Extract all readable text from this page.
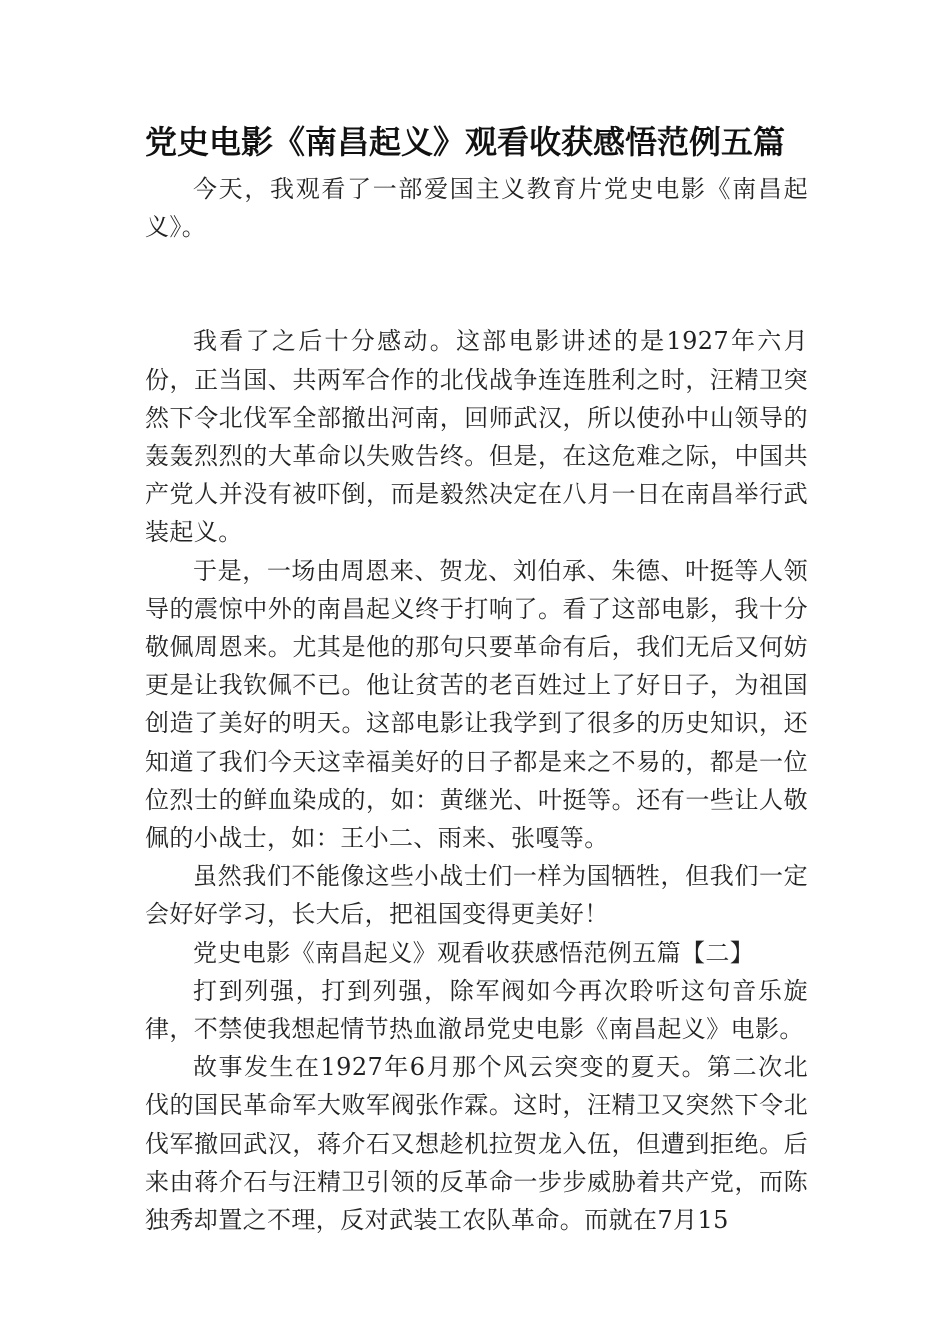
党史电影《南昌起义》观看收获感悟范例五篇

今天，我观看了一部爱国主义教育片党史电影《南昌起义》。

我看了之后十分感动。这部电影讲述的是1927年六月份，正当国、共两军合作的北伐战争连连胜利之时，汪精卫突然下令北伐军全部撤出河南，回师武汉，所以使孙中山领导的轰轰烈烈的大革命以失败告终。但是，在这危难之际，中国共产党人并没有被吓倒，而是毅然决定在八月一日在南昌举行武装起义。

于是，一场由周恩来、贺龙、刘伯承、朱德、叶挺等人领导的震惊中外的南昌起义终于打响了。看了这部电影，我十分敬佩周恩来。尤其是他的那句只要革命有后，我们无后又何妨更是让我钦佩不已。他让贫苦的老百姓过上了好日子，为祖国创造了美好的明天。这部电影让我学到了很多的历史知识，还知道了我们今天这幸福美好的日子都是来之不易的，都是一位位烈士的鲜血染成的，如：黄继光、叶挺等。还有一些让人敬佩的小战士，如：王小二、雨来、张嘎等。

虽然我们不能像这些小战士们一样为国牺牲，但我们一定会好好学习，长大后，把祖国变得更美好！

党史电影《南昌起义》观看收获感悟范例五篇【二】

打到列强，打到列强，除军阀如今再次聆听这句音乐旋律，不禁使我想起情节热血澈昂党史电影《南昌起义》电影。

故事发生在1927年6月那个风云突变的夏天。第二次北伐的国民革命军大败军阀张作霖。这时，汪精卫又突然下令北伐军撤回武汉，蒋介石又想趁机拉贺龙入伍，但遭到拒绝。后来由蒋介石与汪精卫引领的反革命一步步威胁着共产党，而陈独秀却置之不理，反对武装工农队革命。而就在7月15
